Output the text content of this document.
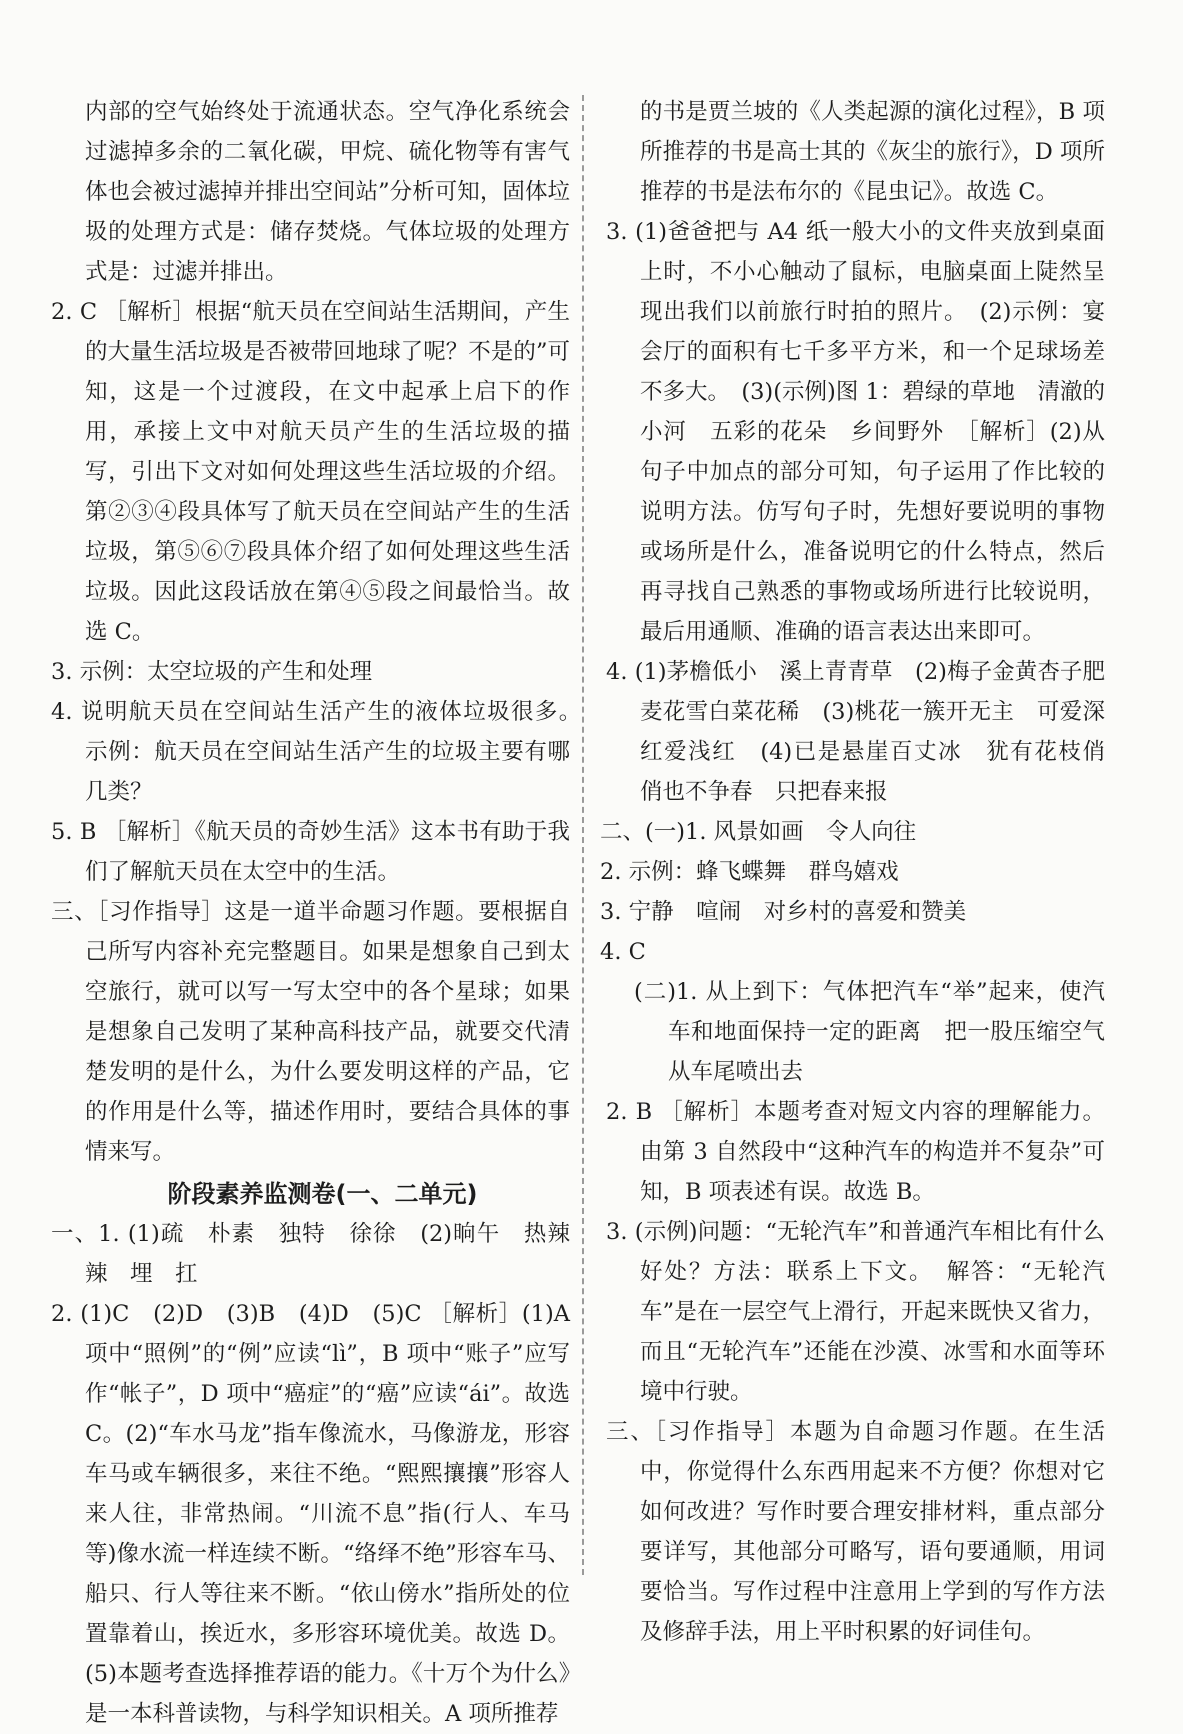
内部的空气始终处于流通状态。空气净化系统会过滤掉多余的二氧化碳，甲烷、硫化物等有害气体也会被过滤掉并排出空间站”分析可知，固体垃圾的处理方式是：储存焚烧。气体垃圾的处理方式是：过滤并排出。

2. C ［解析］根据“航天员在空间站生活期间，产生的大量生活垃圾是否被带回地球了呢？不是的”可知，这是一个过渡段，在文中起承上启下的作用，承接上文中对航天员产生的生活垃圾的描写，引出下文对如何处理这些生活垃圾的介绍。第②③④段具体写了航天员在空间站产生的生活垃圾，第⑤⑥⑦段具体介绍了如何处理这些生活垃圾。因此这段话放在第④⑤段之间最恰当。故选 C。

3. 示例：太空垃圾的产生和处理

4. 说明航天员在空间站生活产生的液体垃圾很多。　示例：航天员在空间站生活产生的垃圾主要有哪几类？

5. B ［解析］《航天员的奇妙生活》这本书有助于我们了解航天员在太空中的生活。

三、［习作指导］这是一道半命题习作题。要根据自己所写内容补充完整题目。如果是想象自己到太空旅行，就可以写一写太空中的各个星球；如果是想象自己发明了某种高科技产品，就要交代清楚发明的是什么，为什么要发明这样的产品，它的作用是什么等，描述作用时，要结合具体的事情来写。

阶段素养监测卷(一、二单元)

一、1. (1)疏　朴素　独特　徐徐　(2)晌午　热辣辣　埋　扛

2. (1)C　(2)D　(3)B　(4)D　(5)C ［解析］(1)A 项中“照例”的“例”应读“lì”，B 项中“账子”应写作“帐子”，D 项中“癌症”的“癌”应读“ái”。故选 C。(2)“车水马龙”指车像流水，马像游龙，形容车马或车辆很多，来往不绝。“熙熙攘攘”形容人来人往，非常热闹。“川流不息”指(行人、车马等)像水流一样连续不断。“络绎不绝”形容车马、船只、行人等往来不断。“依山傍水”指所处的位置靠着山，挨近水，多形容环境优美。故选 D。(5)本题考查选择推荐语的能力。《十万个为什么》是一本科普读物，与科学知识相关。A 项所推荐

的书是贾兰坡的《人类起源的演化过程》，B 项所推荐的书是高士其的《灰尘的旅行》，D 项所推荐的书是法布尔的《昆虫记》。故选 C。

3. (1)爸爸把与 A4 纸一般大小的文件夹放到桌面上时，不小心触动了鼠标，电脑桌面上陡然呈现出我们以前旅行时拍的照片。　(2)示例：宴会厅的面积有七千多平方米，和一个足球场差不多大。　(3)(示例)图 1：碧绿的草地　清澈的小河　五彩的花朵　乡间野外　［解析］(2)从句子中加点的部分可知，句子运用了作比较的说明方法。仿写句子时，先想好要说明的事物或场所是什么，准备说明它的什么特点，然后再寻找自己熟悉的事物或场所进行比较说明，最后用通顺、准确的语言表达出来即可。

4. (1)茅檐低小　溪上青青草　(2)梅子金黄杏子肥　麦花雪白菜花稀　(3)桃花一簇开无主　可爱深红爱浅红　(4)已是悬崖百丈冰　犹有花枝俏　俏也不争春　只把春来报

二、(一)1. 风景如画　令人向往

2. 示例：蜂飞蝶舞　群鸟嬉戏

3. 宁静　喧闹　对乡村的喜爱和赞美

4. C

(二)1. 从上到下：气体把汽车“举”起来，使汽车和地面保持一定的距离　把一股压缩空气从车尾喷出去

2. B ［解析］本题考查对短文内容的理解能力。由第 3 自然段中“这种汽车的构造并不复杂”可知，B 项表述有误。故选 B。

3. (示例)问题：“无轮汽车”和普通汽车相比有什么好处？方法：联系上下文。　解答：“无轮汽车”是在一层空气上滑行，开起来既快又省力，而且“无轮汽车”还能在沙漠、冰雪和水面等环境中行驶。

三、［习作指导］本题为自命题习作题。在生活中，你觉得什么东西用起来不方便？你想对它如何改进？写作时要合理安排材料，重点部分要详写，其他部分可略写，语句要通顺，用词要恰当。写作过程中注意用上学到的写作方法及修辞手法，用上平时积累的好词佳句。
